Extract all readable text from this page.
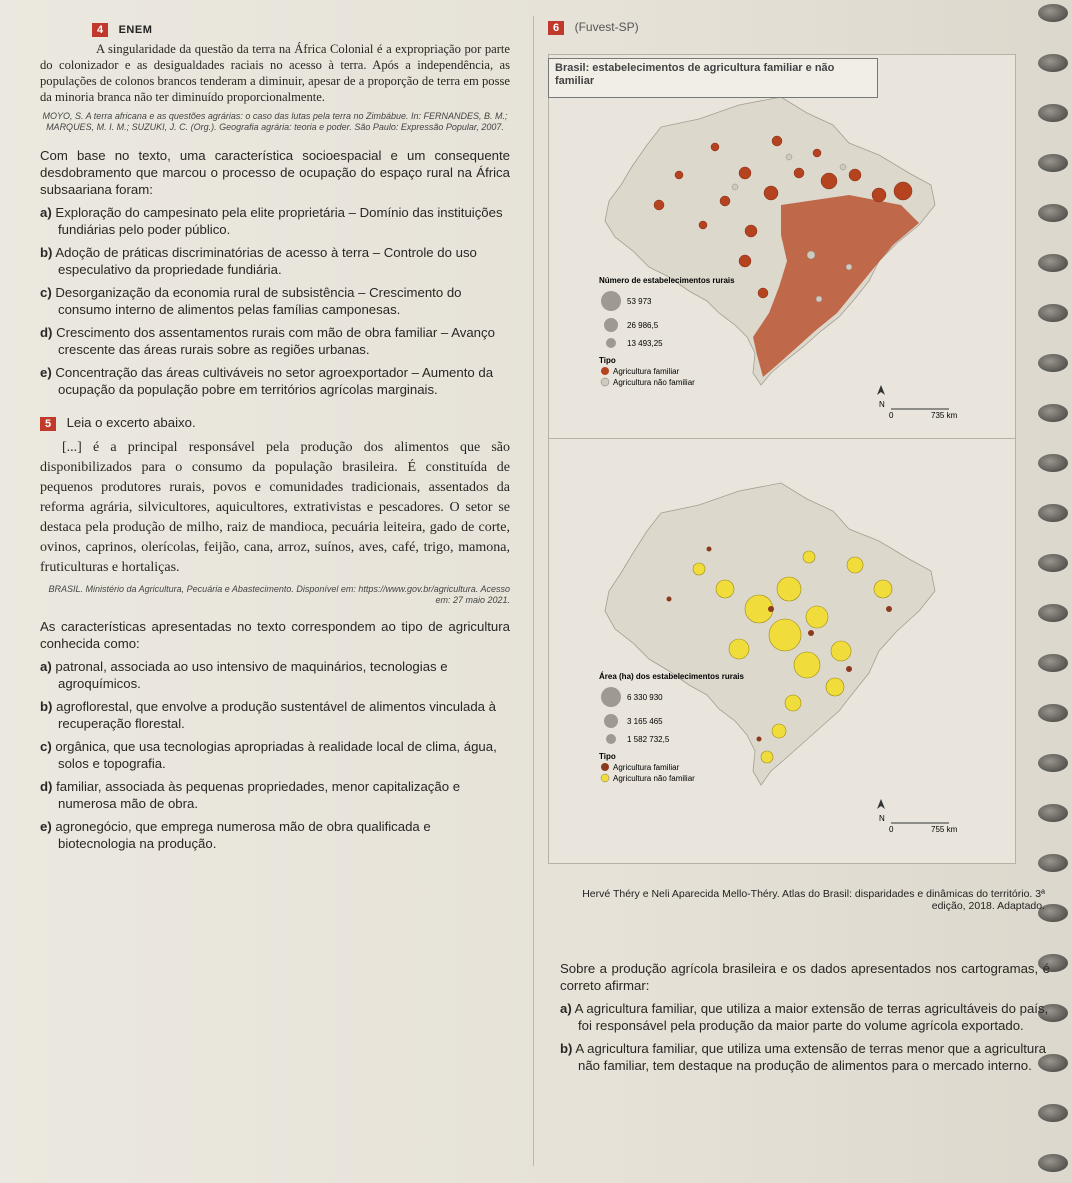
4 ENEM

A singularidade da questão da terra na África Colonial é a expropriação por parte do colonizador e as desigualdades raciais no acesso à terra. Após a independência, as populações de colonos brancos tenderam a diminuir, apesar de a proporção de terra em posse da minoria branca não ter diminuído proporcionalmente.

MOYO, S. A terra africana e as questões agrárias: o caso das lutas pela terra no Zimbábue. In: FERNANDES, B. M.; MARQUES, M. I. M.; SUZUKI, J. C. (Org.). Geografia agrária: teoria e poder. São Paulo: Expressão Popular, 2007.

Com base no texto, uma característica socioespacial e um consequente desdobramento que marcou o processo de ocupação do espaço rural na África subsaariana foram:

a) Exploração do campesinato pela elite proprietária – Domínio das instituições fundiárias pelo poder público.

b) Adoção de práticas discriminatórias de acesso à terra – Controle do uso especulativo da propriedade fundiária.

c) Desorganização da economia rural de subsistência – Crescimento do consumo interno de alimentos pelas famílias camponesas.

d) Crescimento dos assentamentos rurais com mão de obra familiar – Avanço crescente das áreas rurais sobre as regiões urbanas.

e) Concentração das áreas cultiváveis no setor agroexportador – Aumento da ocupação da população pobre em territórios agrícolas marginais.

5 Leia o excerto abaixo.

[...] é a principal responsável pela produção dos alimentos que são disponibilizados para o consumo da população brasileira. É constituída de pequenos produtores rurais, povos e comunidades tradicionais, assentados da reforma agrária, silvicultores, aquicultores, extrativistas e pescadores. O setor se destaca pela produção de milho, raiz de mandioca, pecuária leiteira, gado de corte, ovinos, caprinos, olerícolas, feijão, cana, arroz, suínos, aves, café, trigo, mamona, fruticulturas e hortaliças.

BRASIL. Ministério da Agricultura, Pecuária e Abastecimento. Disponível em: https://www.gov.br/agricultura. Acesso em: 27 maio 2021.

As características apresentadas no texto correspondem ao tipo de agricultura conhecida como:

a) patronal, associada ao uso intensivo de maquinários, tecnologias e agroquímicos.

b) agroflorestal, que envolve a produção sustentável de alimentos vinculada à recuperação florestal.

c) orgânica, que usa tecnologias apropriadas à realidade local de clima, água, solos e topografia.

d) familiar, associada às pequenas propriedades, menor capitalização e numerosa mão de obra.

e) agronegócio, que emprega numerosa mão de obra qualificada e biotecnologia na produção.

6 (Fuvest-SP)
Número de estabelecimentos rurais
53 973
26 986,5
13 493,25
Tipo
Agricultura familiar
Agricultura não familiar
N
0	735 km
Brasil: estabelecimentos de agricultura familiar e não familiar
Área (ha) dos estabelecimentos rurais
6 330 930
3 165 465
1 582 732,5
Tipo
Agricultura familiar
Agricultura não familiar
N
0	755 km
Hervé Théry e Neli Aparecida Mello-Théry. Atlas do Brasil: disparidades e dinâmicas do território. 3ª edição, 2018. Adaptado.

Sobre a produção agrícola brasileira e os dados apresentados nos cartogramas, é correto afirmar:

a) A agricultura familiar, que utiliza a maior extensão de terras agricultáveis do país, foi responsável pela produção da maior parte do volume agrícola exportado.

b) A agricultura familiar, que utiliza uma extensão de terras menor que a agricultura não familiar, tem destaque na produção de alimentos para o mercado interno.
